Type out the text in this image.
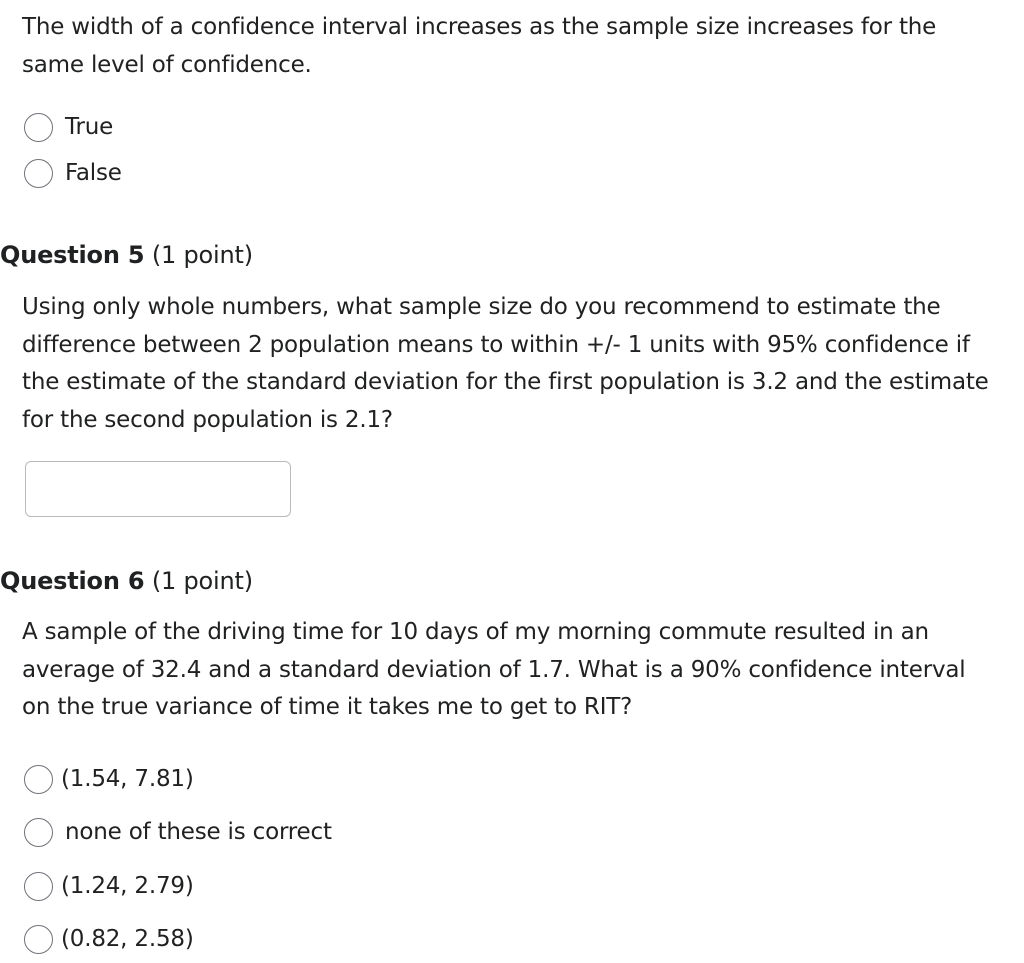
The width of a confidence interval increases as the sample size increases for the same level of confidence.
True
False
Question 5 (1 point)
Using only whole numbers, what sample size do you recommend to estimate the difference between 2 population means to within +/- 1 units with 95% confidence if the estimate of the standard deviation for the first population is 3.2 and the estimate for the second population is 2.1?
Question 6 (1 point)
A sample of the driving time for 10 days of my morning commute resulted in an average of 32.4 and a standard deviation of 1.7. What is a 90% confidence interval on the true variance of time it takes me to get to RIT?
(1.54, 7.81)
none of these is correct
(1.24, 2.79)
(0.82, 2.58)
